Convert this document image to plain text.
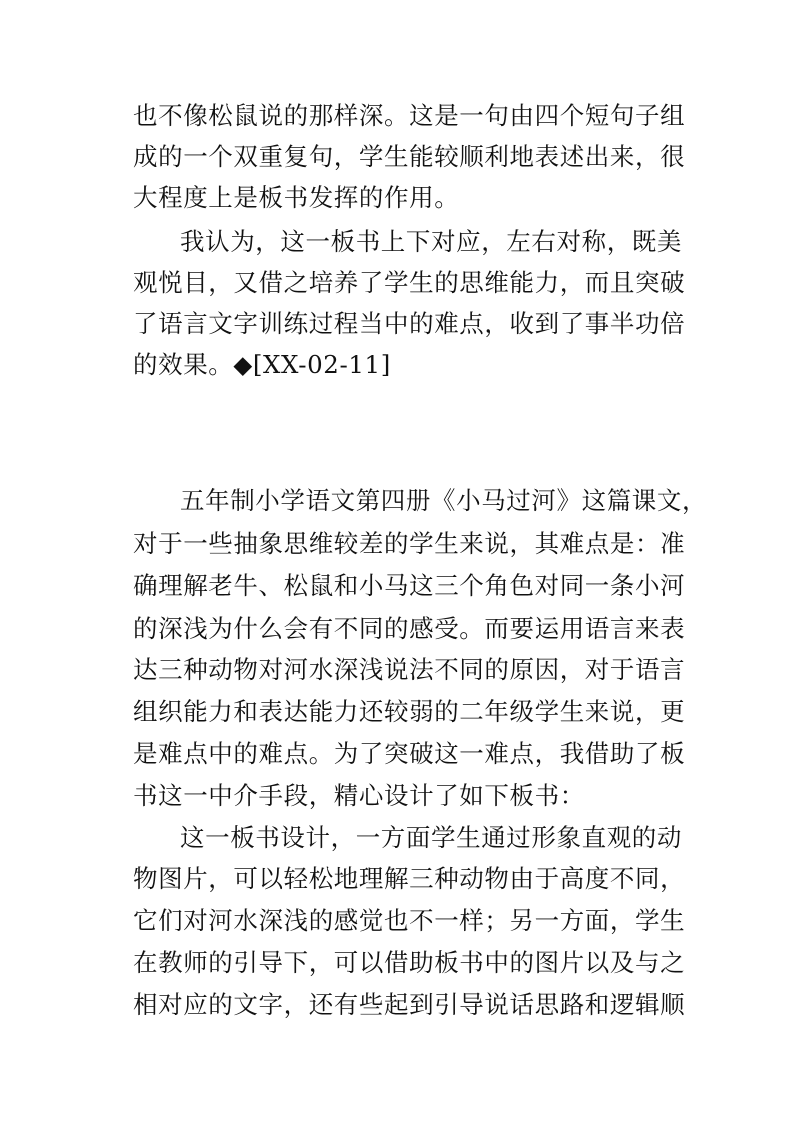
也不像松鼠说的那样深。这是一句由四个短句子组
成的一个双重复句，学生能较顺利地表述出来，很
大程度上是板书发挥的作用。
我认为，这一板书上下对应，左右对称，既美
观悦目，又借之培养了学生的思维能力，而且突破
了语言文字训练过程当中的难点，收到了事半功倍
的效果。◆[XX-02-11]
五年制小学语文第四册《小马过河》这篇课文，
对于一些抽象思维较差的学生来说，其难点是：准
确理解老牛、松鼠和小马这三个角色对同一条小河
的深浅为什么会有不同的感受。而要运用语言来表
达三种动物对河水深浅说法不同的原因，对于语言
组织能力和表达能力还较弱的二年级学生来说，更
是难点中的难点。为了突破这一难点，我借助了板
书这一中介手段，精心设计了如下板书：
这一板书设计，一方面学生通过形象直观的动
物图片，可以轻松地理解三种动物由于高度不同，
它们对河水深浅的感觉也不一样；另一方面，学生
在教师的引导下，可以借助板书中的图片以及与之
相对应的文字，还有些起到引导说话思路和逻辑顺
